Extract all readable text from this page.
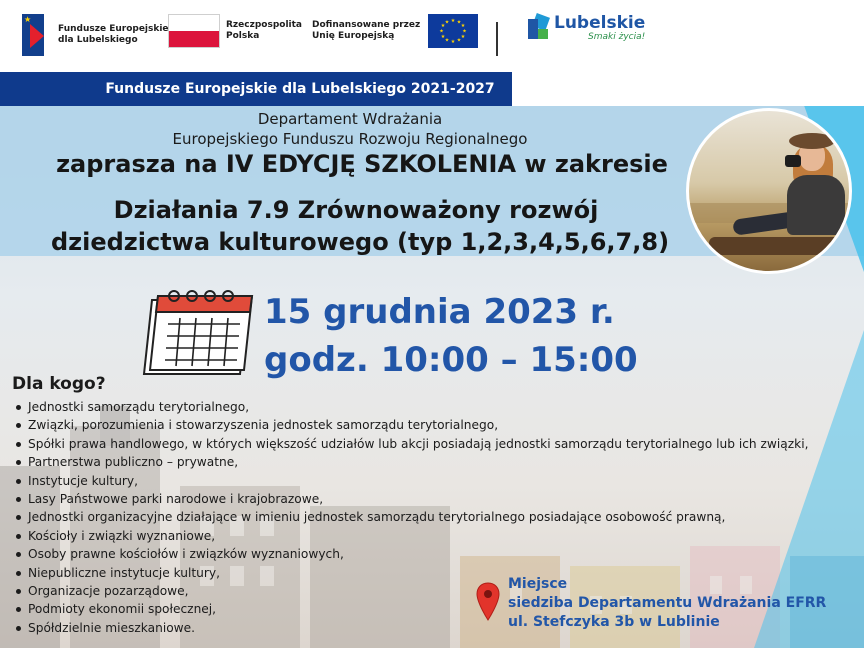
★
Fundusze Europejskie
dla Lubelskiego
Rzeczpospolita
Polska
Dofinansowane przez
Unię Europejską
★ ★
★
★
★
★
★
★
★
★
★
★	Lubelskie
Smaki życia!
Fundusze Europejskie dla Lubelskiego 2021-2027
Departament Wdrażania
Europejskiego Funduszu Rozwoju Regionalnego
zaprasza na IV EDYCJĘ SZKOLENIA w zakresie
Działania 7.9 Zrównoważony rozwój
dziedzictwa kulturowego (typ 1,2,3,4,5,6,7,8)
15 grudnia 2023 r.
godz. 10:00 – 15:00
Dla kogo?
Jednostki samorządu terytorialnego,
Związki, porozumienia i stowarzyszenia jednostek samorządu terytorialnego,
Spółki prawa handlowego, w których większość udziałów lub akcji posiadają jednostki samorządu terytorialnego lub ich związki,
Partnerstwa publiczno – prywatne,
Instytucje kultury,
Lasy Państwowe parki narodowe i krajobrazowe,
Jednostki organizacyjne działające w imieniu jednostek samorządu terytorialnego posiadające osobowość prawną,
Kościoły i związki wyznaniowe,
Osoby prawne kościołów i związków wyznaniowych,
Niepubliczne instytucje kultury,
Organizacje pozarządowe,
Podmioty ekonomii społecznej,
Spółdzielnie mieszkaniowe.
Miejsce
siedziba Departamentu Wdrażania EFRR
ul. Stefczyka 3b w Lublinie
